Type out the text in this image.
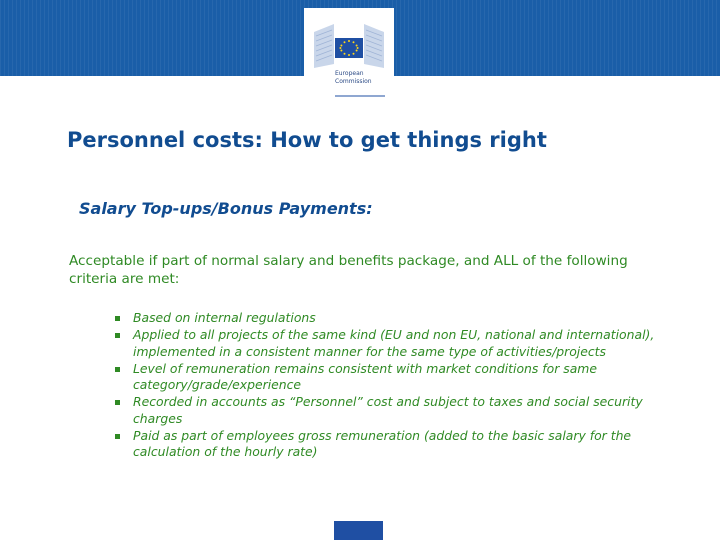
European
Commission
Personnel costs: How to get things right
Salary Top-ups/Bonus Payments:
Acceptable if part of normal salary and benefits package, and ALL of the following criteria are met:
Based on internal regulations
Applied to all projects of the same kind (EU and non EU, national and international), implemented in a consistent manner for the same type of activities/projects
Level of remuneration remains consistent with market conditions for same category/grade/experience
Recorded in accounts as “Personnel” cost and subject to taxes and social security charges
Paid as part of employees gross remuneration (added to the basic salary for the calculation of the hourly rate)
